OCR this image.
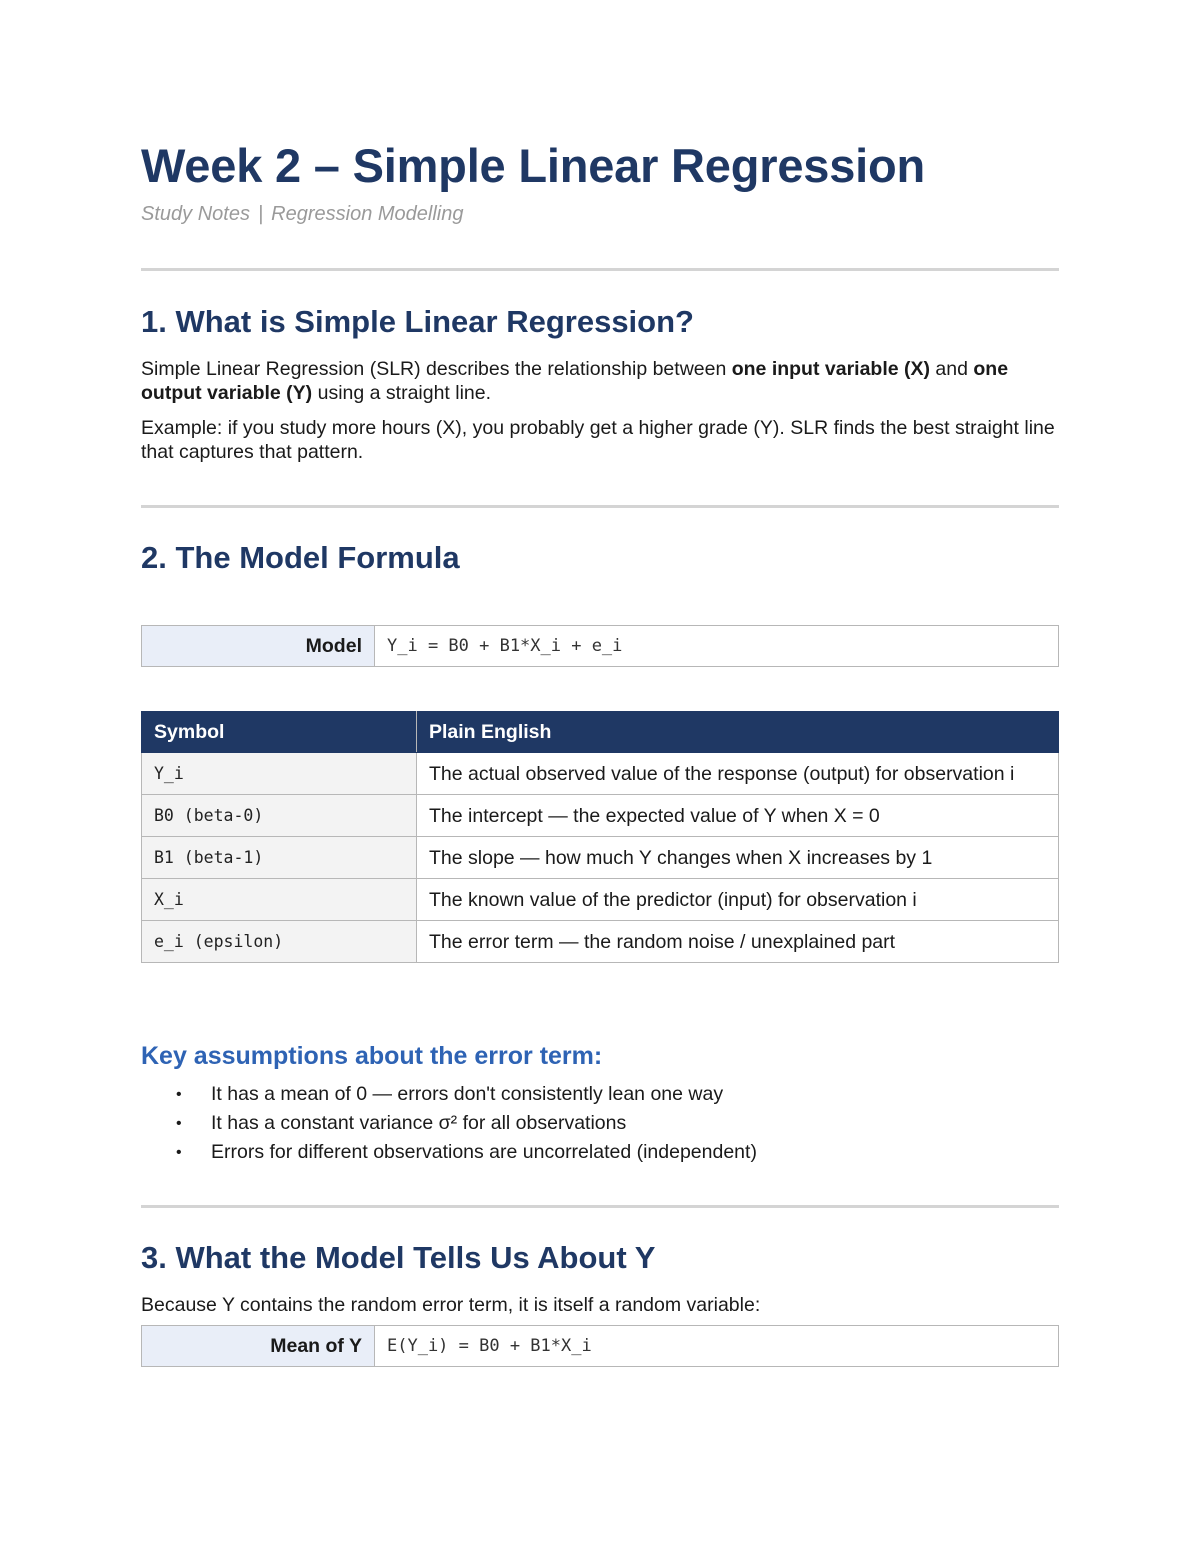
Week 2 – Simple Linear Regression
Study Notes | Regression Modelling
1. What is Simple Linear Regression?
Simple Linear Regression (SLR) describes the relationship between one input variable (X) and one output variable (Y) using a straight line.
Example: if you study more hours (X), you probably get a higher grade (Y). SLR finds the best straight line that captures that pattern.
2. The Model Formula
Model	Y_i = B0 + B1*X_i + e_i
Symbol	Plain English
Y_i	The actual observed value of the response (output) for observation i
B0 (beta-0)	The intercept — the expected value of Y when X = 0
B1 (beta-1)	The slope — how much Y changes when X increases by 1
X_i	The known value of the predictor (input) for observation i
e_i (epsilon)	The error term — the random noise / unexplained part
Key assumptions about the error term:
• It has a mean of 0 — errors don't consistently lean one way
• It has a constant variance σ² for all observations
• Errors for different observations are uncorrelated (independent)
3. What the Model Tells Us About Y
Because Y contains the random error term, it is itself a random variable:
Mean of Y	E(Y_i) = B0 + B1*X_i
